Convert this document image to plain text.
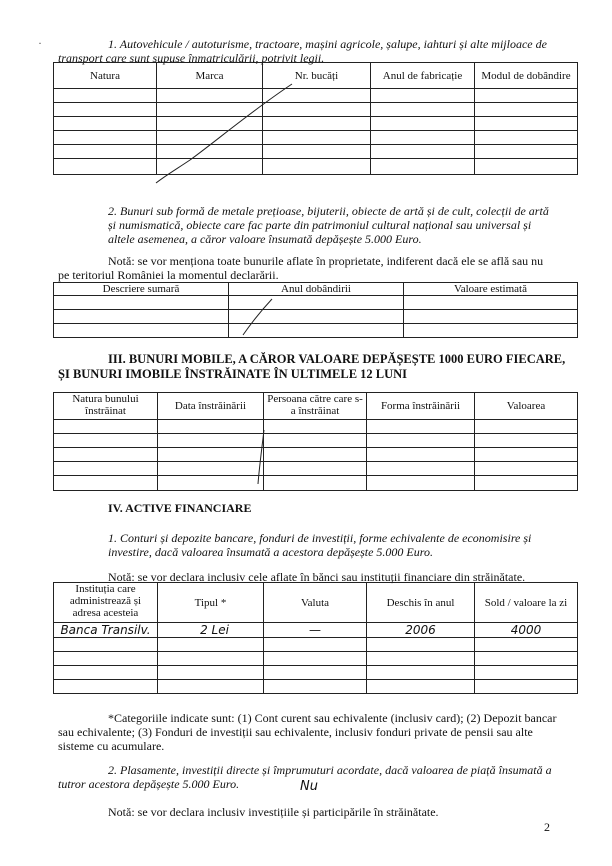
·	1. Autovehicule / autoturisme, tractoare, mașini agricole, șalupe, iahturi și alte mijloace de

transport care sunt supuse înmatriculării, potrivit legii.

Natura	Marca	Nr. bucăți	Anul de fabricație	Modul de dobândire

2. Bunuri sub formă de metale prețioase, bijuterii, obiecte de artă și de cult, colecții de artă

și numismatică, obiecte care fac parte din patrimoniul cultural național sau universal și

altele asemenea, a căror valoare însumată depășește 5.000 Euro.

Notă: se vor menționa toate bunurile aflate în proprietate, indiferent dacă ele se află sau nu

pe teritoriul României la momentul declarării.

Descriere sumară	Anul dobândirii	Valoare estimată

III. BUNURI MOBILE, A CĂROR VALOARE DEPĂȘEȘTE 1000 EURO FIECARE,

ȘI BUNURI IMOBILE ÎNSTRĂINATE ÎN ULTIMELE 12 LUNI

Natura bunului înstrăinat	Data înstrăinării	Persoana către care s-a înstrăinat	Forma înstrăinării	Valoarea

IV. ACTIVE FINANCIARE

1. Conturi și depozite bancare, fonduri de investiții, forme echivalente de economisire și

investire, dacă valoarea însumată a acestora depășește 5.000 Euro.

Notă: se vor declara inclusiv cele aflate în bănci sau instituții financiare din străinătate.

Instituția care administrează și adresa acesteia	Tipul *	Valuta	Deschis în anul	Sold / valoare la zi
Banca Transilv.	2 Lei	—	2006	4000

*Categoriile indicate sunt: (1) Cont curent sau echivalente (inclusiv card); (2) Depozit bancar

sau echivalente; (3) Fonduri de investiții sau echivalente, inclusiv fonduri private de pensii sau alte

sisteme cu acumulare.

2. Plasamente, investiții directe și împrumuturi acordate, dacă valoarea de piață însumată a

tutror acestora depășește 5.000 Euro.	Nu

Notă: se vor declara inclusiv investițiile și participările în străinătate.

2
